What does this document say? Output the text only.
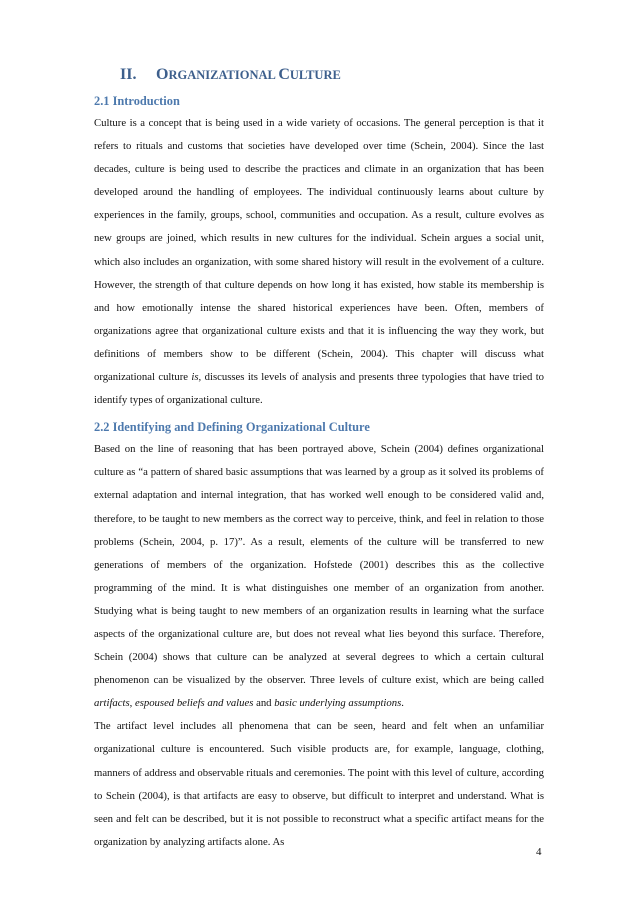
II. ORGANIZATIONAL CULTURE
2.1 Introduction

Culture is a concept that is being used in a wide variety of occasions. The general perception is that it refers to rituals and customs that societies have developed over time (Schein, 2004). Since the last decades, culture is being used to describe the practices and climate in an organization that has been developed around the handling of employees. The individual continuously learns about culture by experiences in the family, groups, school, communities and occupation. As a result, culture evolves as new groups are joined, which results in new cultures for the individual. Schein argues a social unit, which also includes an organization, with some shared history will result in the evolvement of a culture. However, the strength of that culture depends on how long it has existed, how stable its membership is and how emotionally intense the shared historical experiences have been. Often, members of organizations agree that organizational culture exists and that it is influencing the way they work, but definitions of members show to be different (Schein, 2004). This chapter will discuss what organizational culture is, discusses its levels of analysis and presents three typologies that have tried to identify types of organizational culture.

2.2 Identifying and Defining Organizational Culture

Based on the line of reasoning that has been portrayed above, Schein (2004) defines organizational culture as “a pattern of shared basic assumptions that was learned by a group as it solved its problems of external adaptation and internal integration, that has worked well enough to be considered valid and, therefore, to be taught to new members as the correct way to perceive, think, and feel in relation to those problems (Schein, 2004, p. 17)”. As a result, elements of the culture will be transferred to new generations of members of the organization. Hofstede (2001) describes this as the collective programming of the mind. It is what distinguishes one member of an organization from another. Studying what is being taught to new members of an organization results in learning what the surface aspects of the organizational culture are, but does not reveal what lies beyond this surface. Therefore, Schein (2004) shows that culture can be analyzed at several degrees to which a certain cultural phenomenon can be visualized by the observer. Three levels of culture exist, which are being called artifacts, espoused beliefs and values and basic underlying assumptions.

The artifact level includes all phenomena that can be seen, heard and felt when an unfamiliar organizational culture is encountered. Such visible products are, for example, language, clothing, manners of address and observable rituals and ceremonies. The point with this level of culture, according to Schein (2004), is that artifacts are easy to observe, but difficult to interpret and understand. What is seen and felt can be described, but it is not possible to reconstruct what a specific artifact means for the organization by analyzing artifacts alone. As

4
